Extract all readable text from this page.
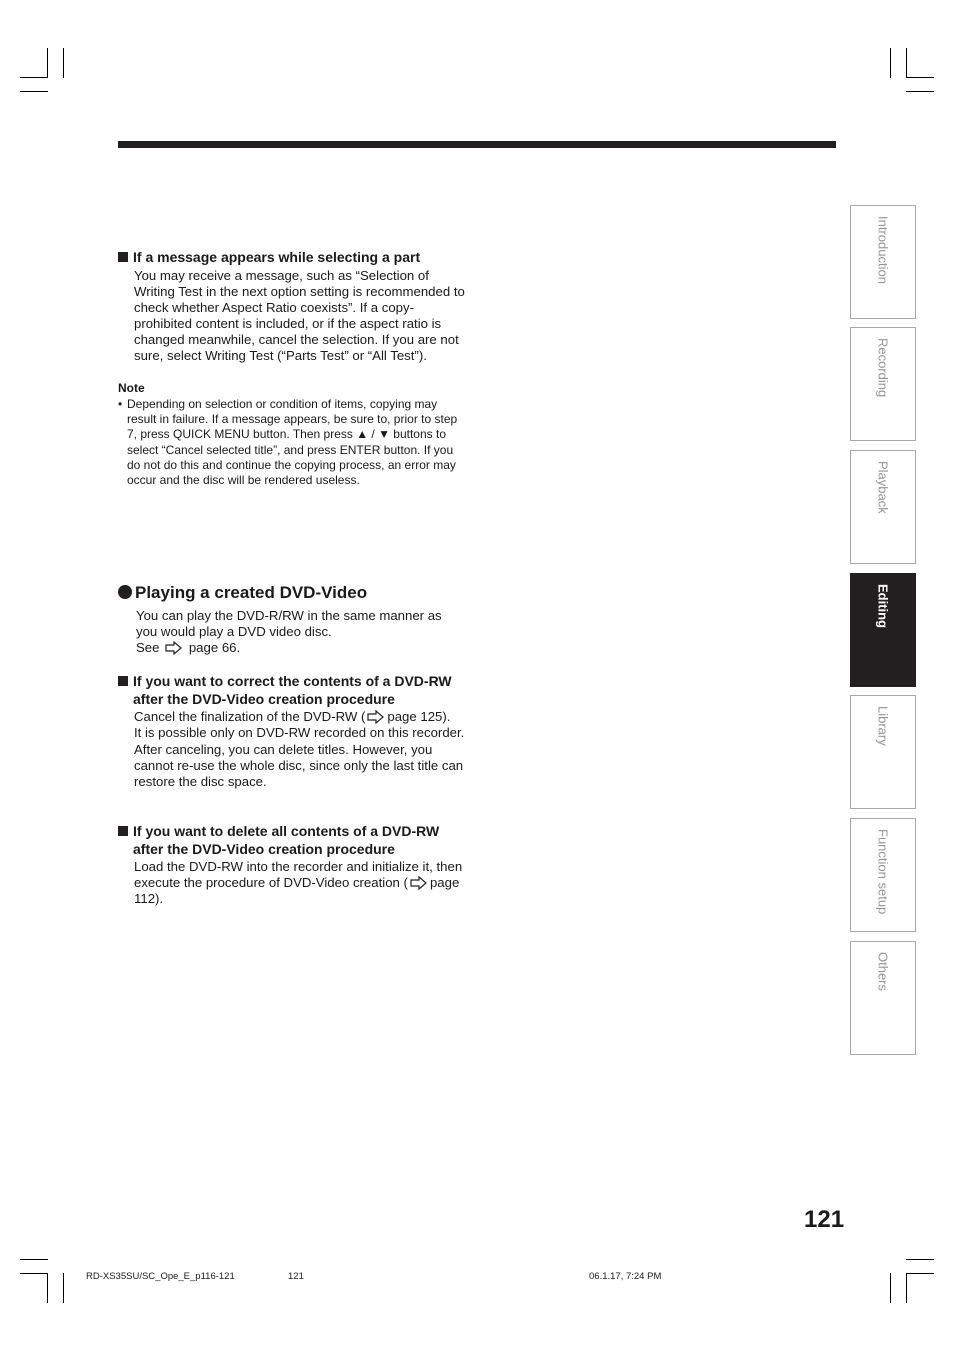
If a message appears while selecting a part

You may receive a message, such as “Selection of Writing Test in the next option setting is recommended to check whether Aspect Ratio coexists”. If a copy-prohibited content is included, or if the aspect ratio is changed meanwhile, cancel the selection. If you are not sure, select Writing Test (“Parts Test” or “All Test”).

Note
• Depending on selection or condition of items, copying may result in failure. If a message appears, be sure to, prior to step 7, press QUICK MENU button. Then press ▲ / ▼ buttons to select “Cancel selected title”, and press ENTER button. If you do not do this and continue the copying process, an error may occur and the disc will be rendered useless.
Playing a created DVD-Video

You can play the DVD-R/RW in the same manner as you would play a DVD video disc.

See page 66.

If you want to correct the contents of a DVD-RW after the DVD-Video creation procedure

Cancel the finalization of the DVD-RW ( page 125).

It is possible only on DVD-RW recorded on this recorder.

After canceling, you can delete titles. However, you cannot re-use the whole disc, since only the last title can restore the disc space.

If you want to delete all contents of a DVD-RW after the DVD-Video creation procedure

Load the DVD-RW into the recorder and initialize it, then execute the procedure of DVD-Video creation ( page 112).

Introduction
Recording
Playback
Editing
Library
Function setup
Others
121
RD-XS35SU/SC_Ope_E_p116-121	121	06.1.17, 7:24 PM
